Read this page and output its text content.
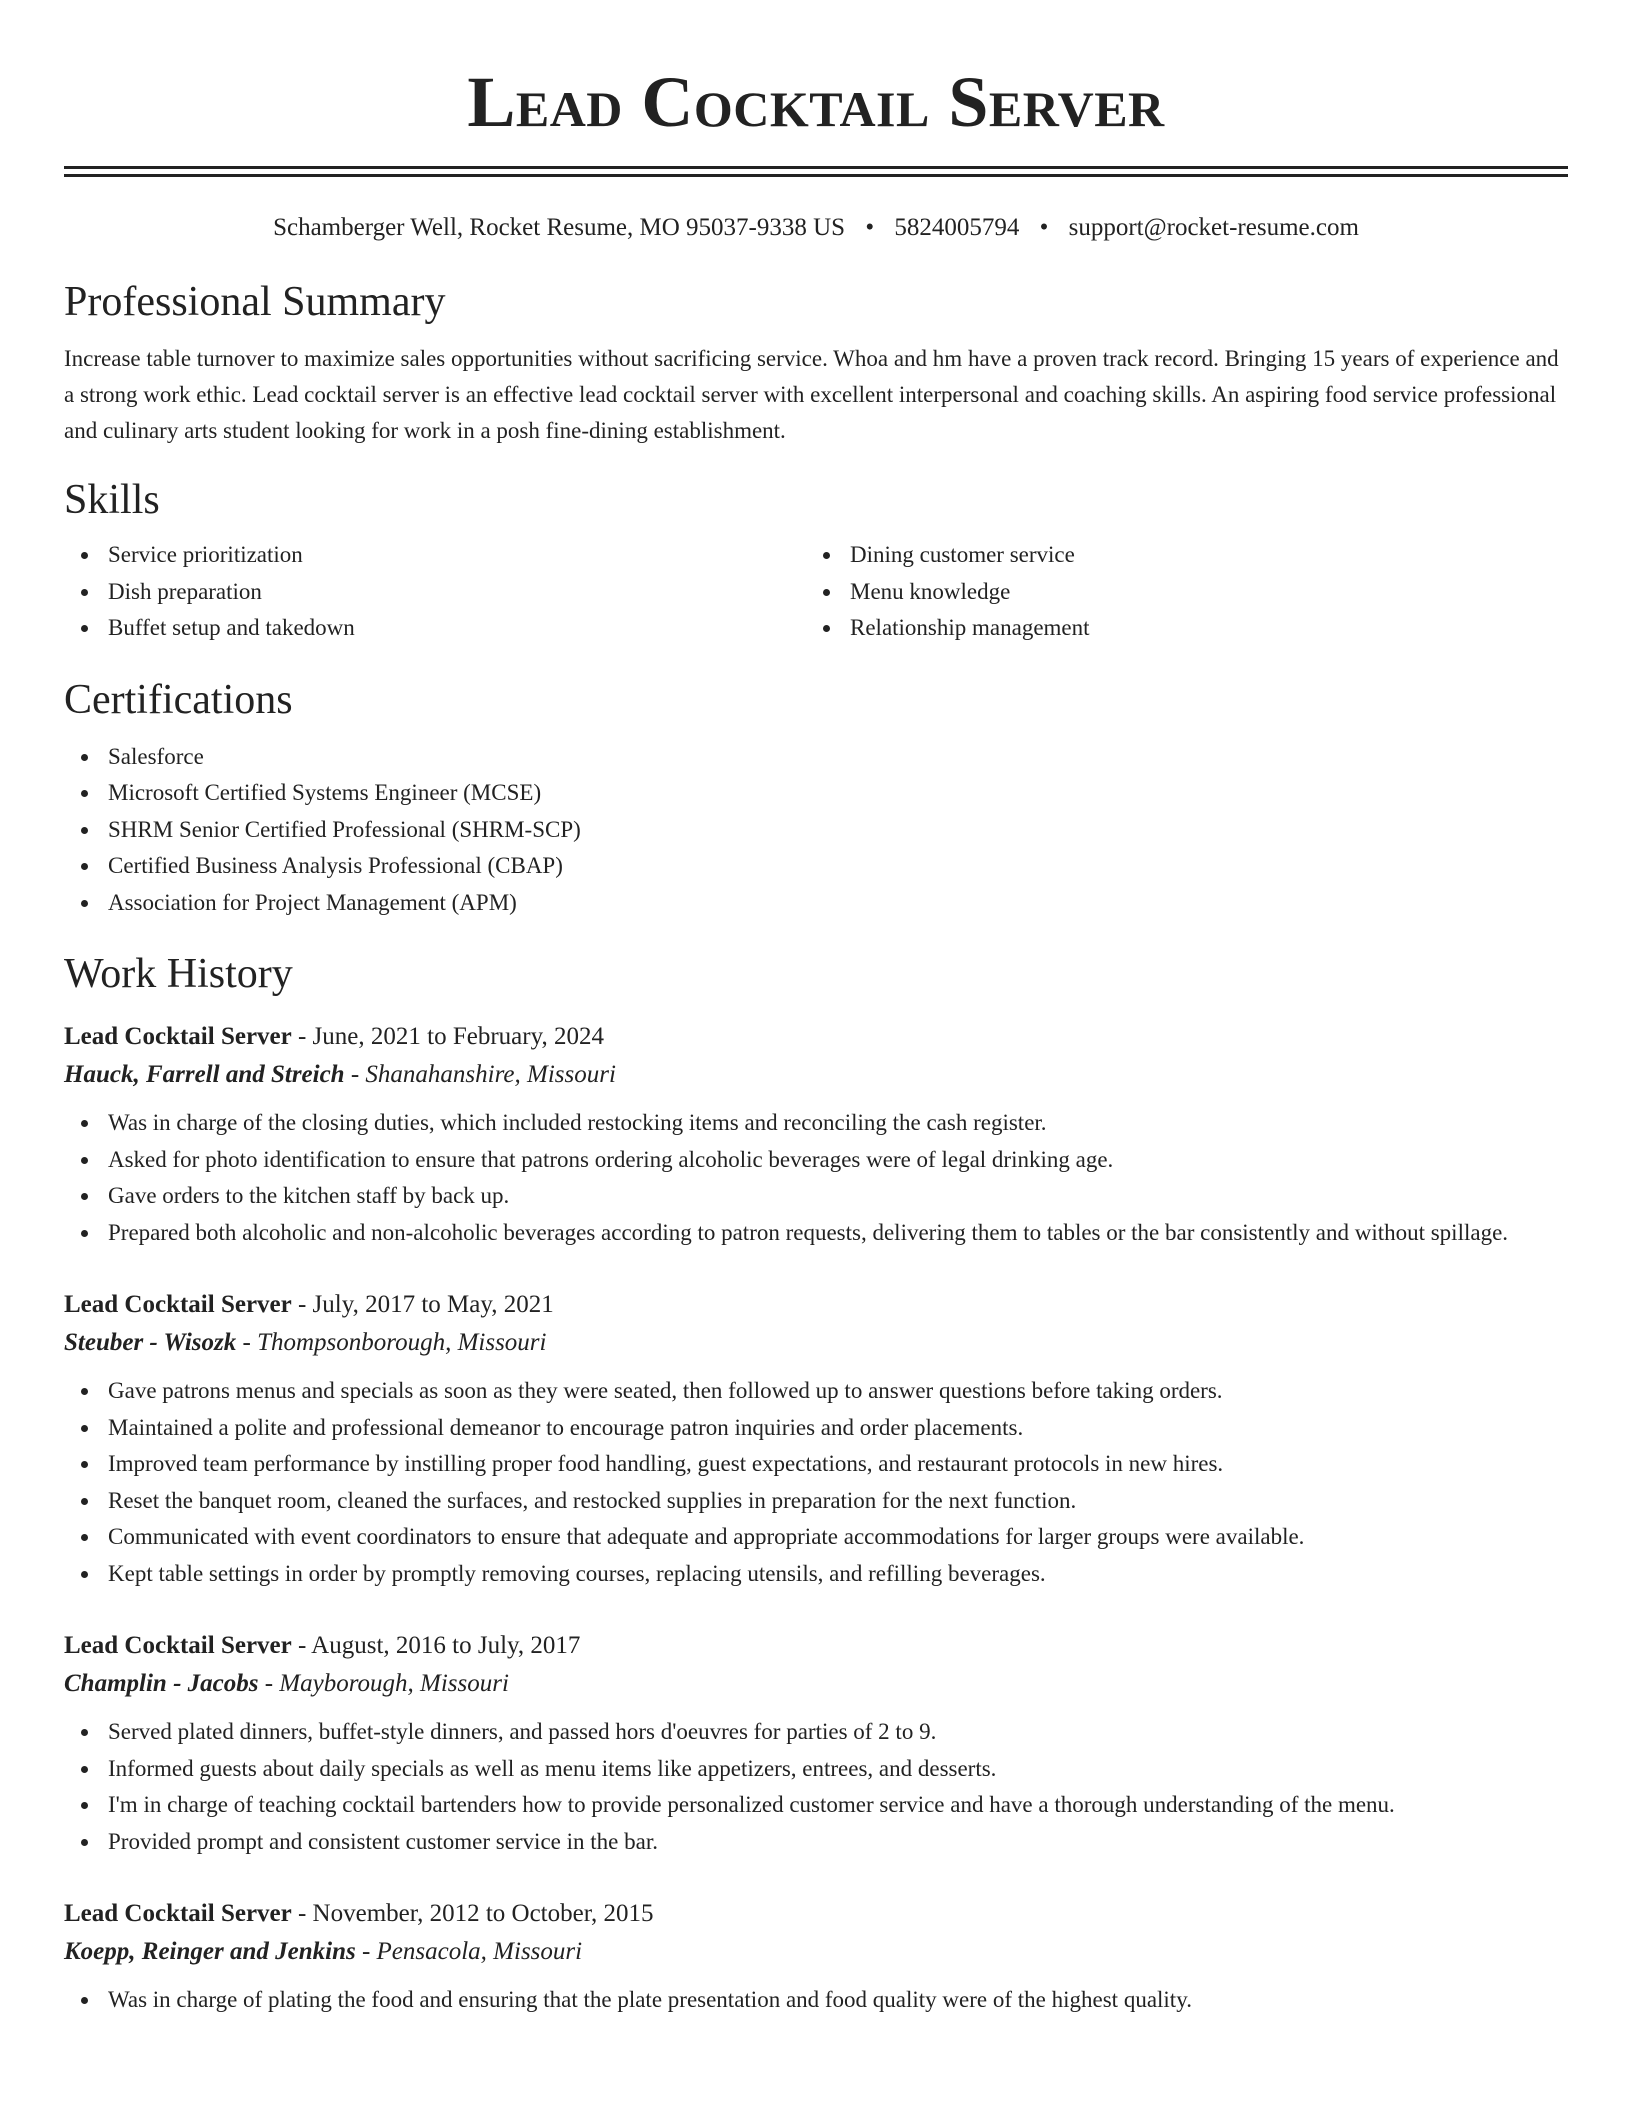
Lead Cocktail Server
Schamberger Well, Rocket Resume, MO 95037-9338 US • 5824005794 • support@rocket-resume.com
Professional Summary

Increase table turnover to maximize sales opportunities without sacrificing service. Whoa and hm have a proven track record. Bringing 15 years of experience and a strong work ethic. Lead cocktail server is an effective lead cocktail server with excellent interpersonal and coaching skills. An aspiring food service professional and culinary arts student looking for work in a posh fine-dining establishment.

Skills
Service prioritization
Dish preparation
Buffet setup and takedown
Dining customer service
Menu knowledge
Relationship management
Certifications
Salesforce
Microsoft Certified Systems Engineer (MCSE)
SHRM Senior Certified Professional (SHRM-SCP)
Certified Business Analysis Professional (CBAP)
Association for Project Management (APM)
Work History
Lead Cocktail Server - June, 2021 to February, 2024
Hauck, Farrell and Streich - Shanahanshire, Missouri
Was in charge of the closing duties, which included restocking items and reconciling the cash register.
Asked for photo identification to ensure that patrons ordering alcoholic beverages were of legal drinking age.
Gave orders to the kitchen staff by back up.
Prepared both alcoholic and non-alcoholic beverages according to patron requests, delivering them to tables or the bar consistently and without spillage.
Lead Cocktail Server - July, 2017 to May, 2021
Steuber - Wisozk - Thompsonborough, Missouri
Gave patrons menus and specials as soon as they were seated, then followed up to answer questions before taking orders.
Maintained a polite and professional demeanor to encourage patron inquiries and order placements.
Improved team performance by instilling proper food handling, guest expectations, and restaurant protocols in new hires.
Reset the banquet room, cleaned the surfaces, and restocked supplies in preparation for the next function.
Communicated with event coordinators to ensure that adequate and appropriate accommodations for larger groups were available.
Kept table settings in order by promptly removing courses, replacing utensils, and refilling beverages.
Lead Cocktail Server - August, 2016 to July, 2017
Champlin - Jacobs - Mayborough, Missouri
Served plated dinners, buffet-style dinners, and passed hors d'oeuvres for parties of 2 to 9.
Informed guests about daily specials as well as menu items like appetizers, entrees, and desserts.
I'm in charge of teaching cocktail bartenders how to provide personalized customer service and have a thorough understanding of the menu.
Provided prompt and consistent customer service in the bar.
Lead Cocktail Server - November, 2012 to October, 2015
Koepp, Reinger and Jenkins - Pensacola, Missouri
Was in charge of plating the food and ensuring that the plate presentation and food quality were of the highest quality.
